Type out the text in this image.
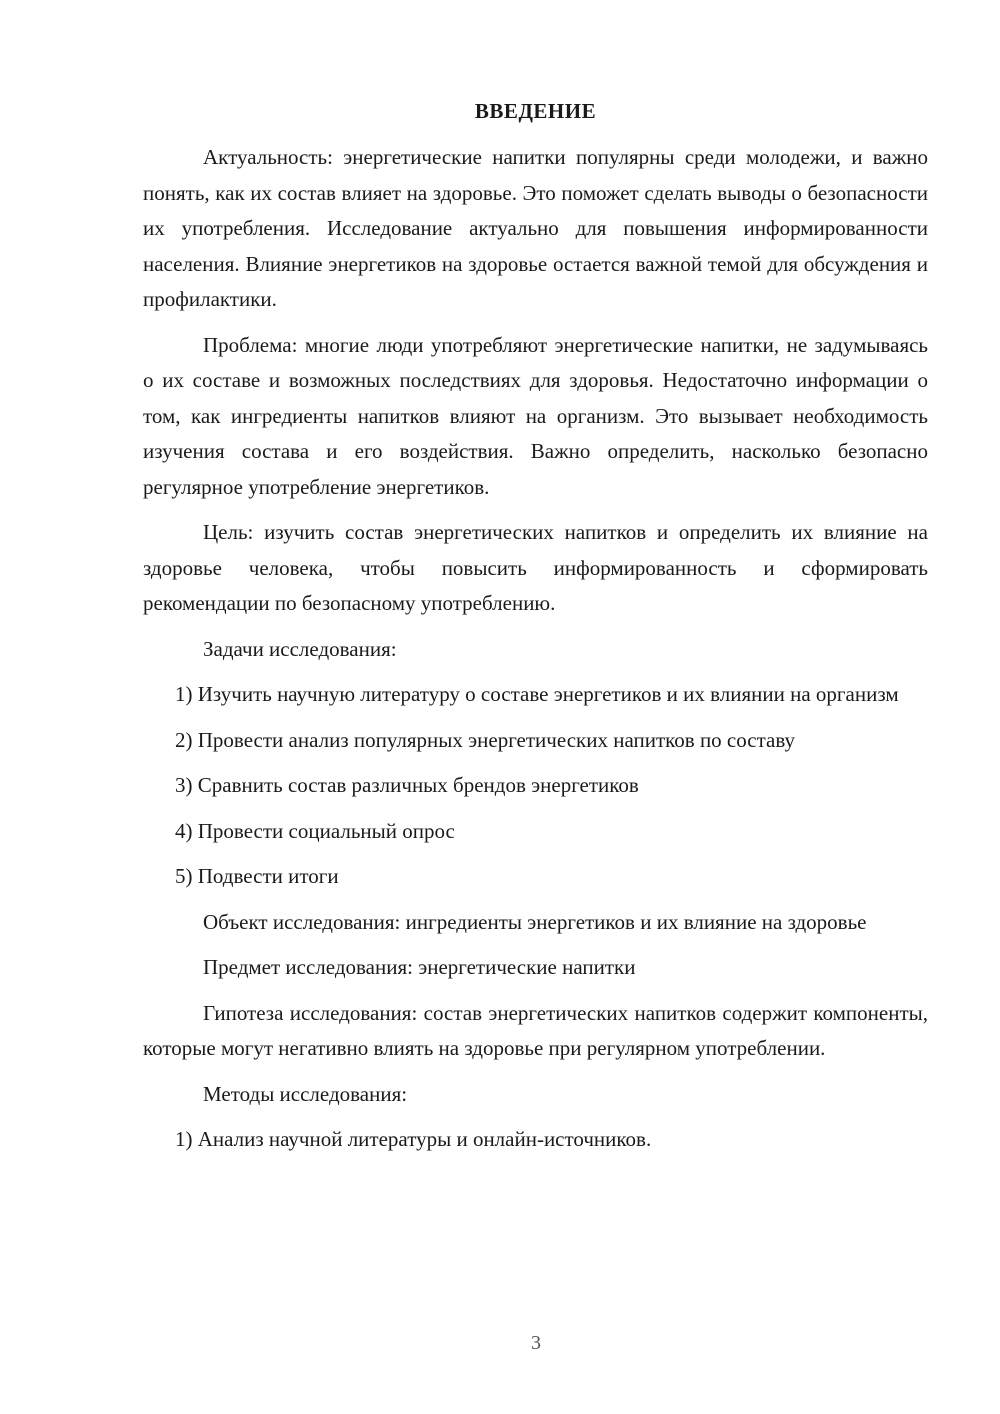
ВВЕДЕНИЕ

Актуальность: энергетические напитки популярны среди молодежи, и важно понять, как их состав влияет на здоровье. Это поможет сделать выводы о безопасности их употребления. Исследование актуально для повышения информированности населения. Влияние энергетиков на здоровье остается важной темой для обсуждения и профилактики.

Проблема: многие люди употребляют энергетические напитки, не задумываясь о их составе и возможных последствиях для здоровья. Недостаточно информации о том, как ингредиенты напитков влияют на организм. Это вызывает необходимость изучения состава и его воздействия. Важно определить, насколько безопасно регулярное употребление энергетиков.

Цель: изучить состав энергетических напитков и определить их влияние на здоровье человека, чтобы повысить информированность и сформировать рекомендации по безопасному употреблению.

Задачи исследования:

1) Изучить научную литературу о составе энергетиков и их влиянии на организм

2) Провести анализ популярных энергетических напитков по составу

3) Сравнить состав различных брендов энергетиков

4) Провести социальный опрос

5) Подвести итоги

Объект исследования: ингредиенты энергетиков и их влияние на здоровье

Предмет исследования: энергетические напитки

Гипотеза исследования: состав энергетических напитков содержит компоненты, которые могут негативно влиять на здоровье при регулярном употреблении.

Методы исследования:

1) Анализ научной литературы и онлайн-источников.

3
